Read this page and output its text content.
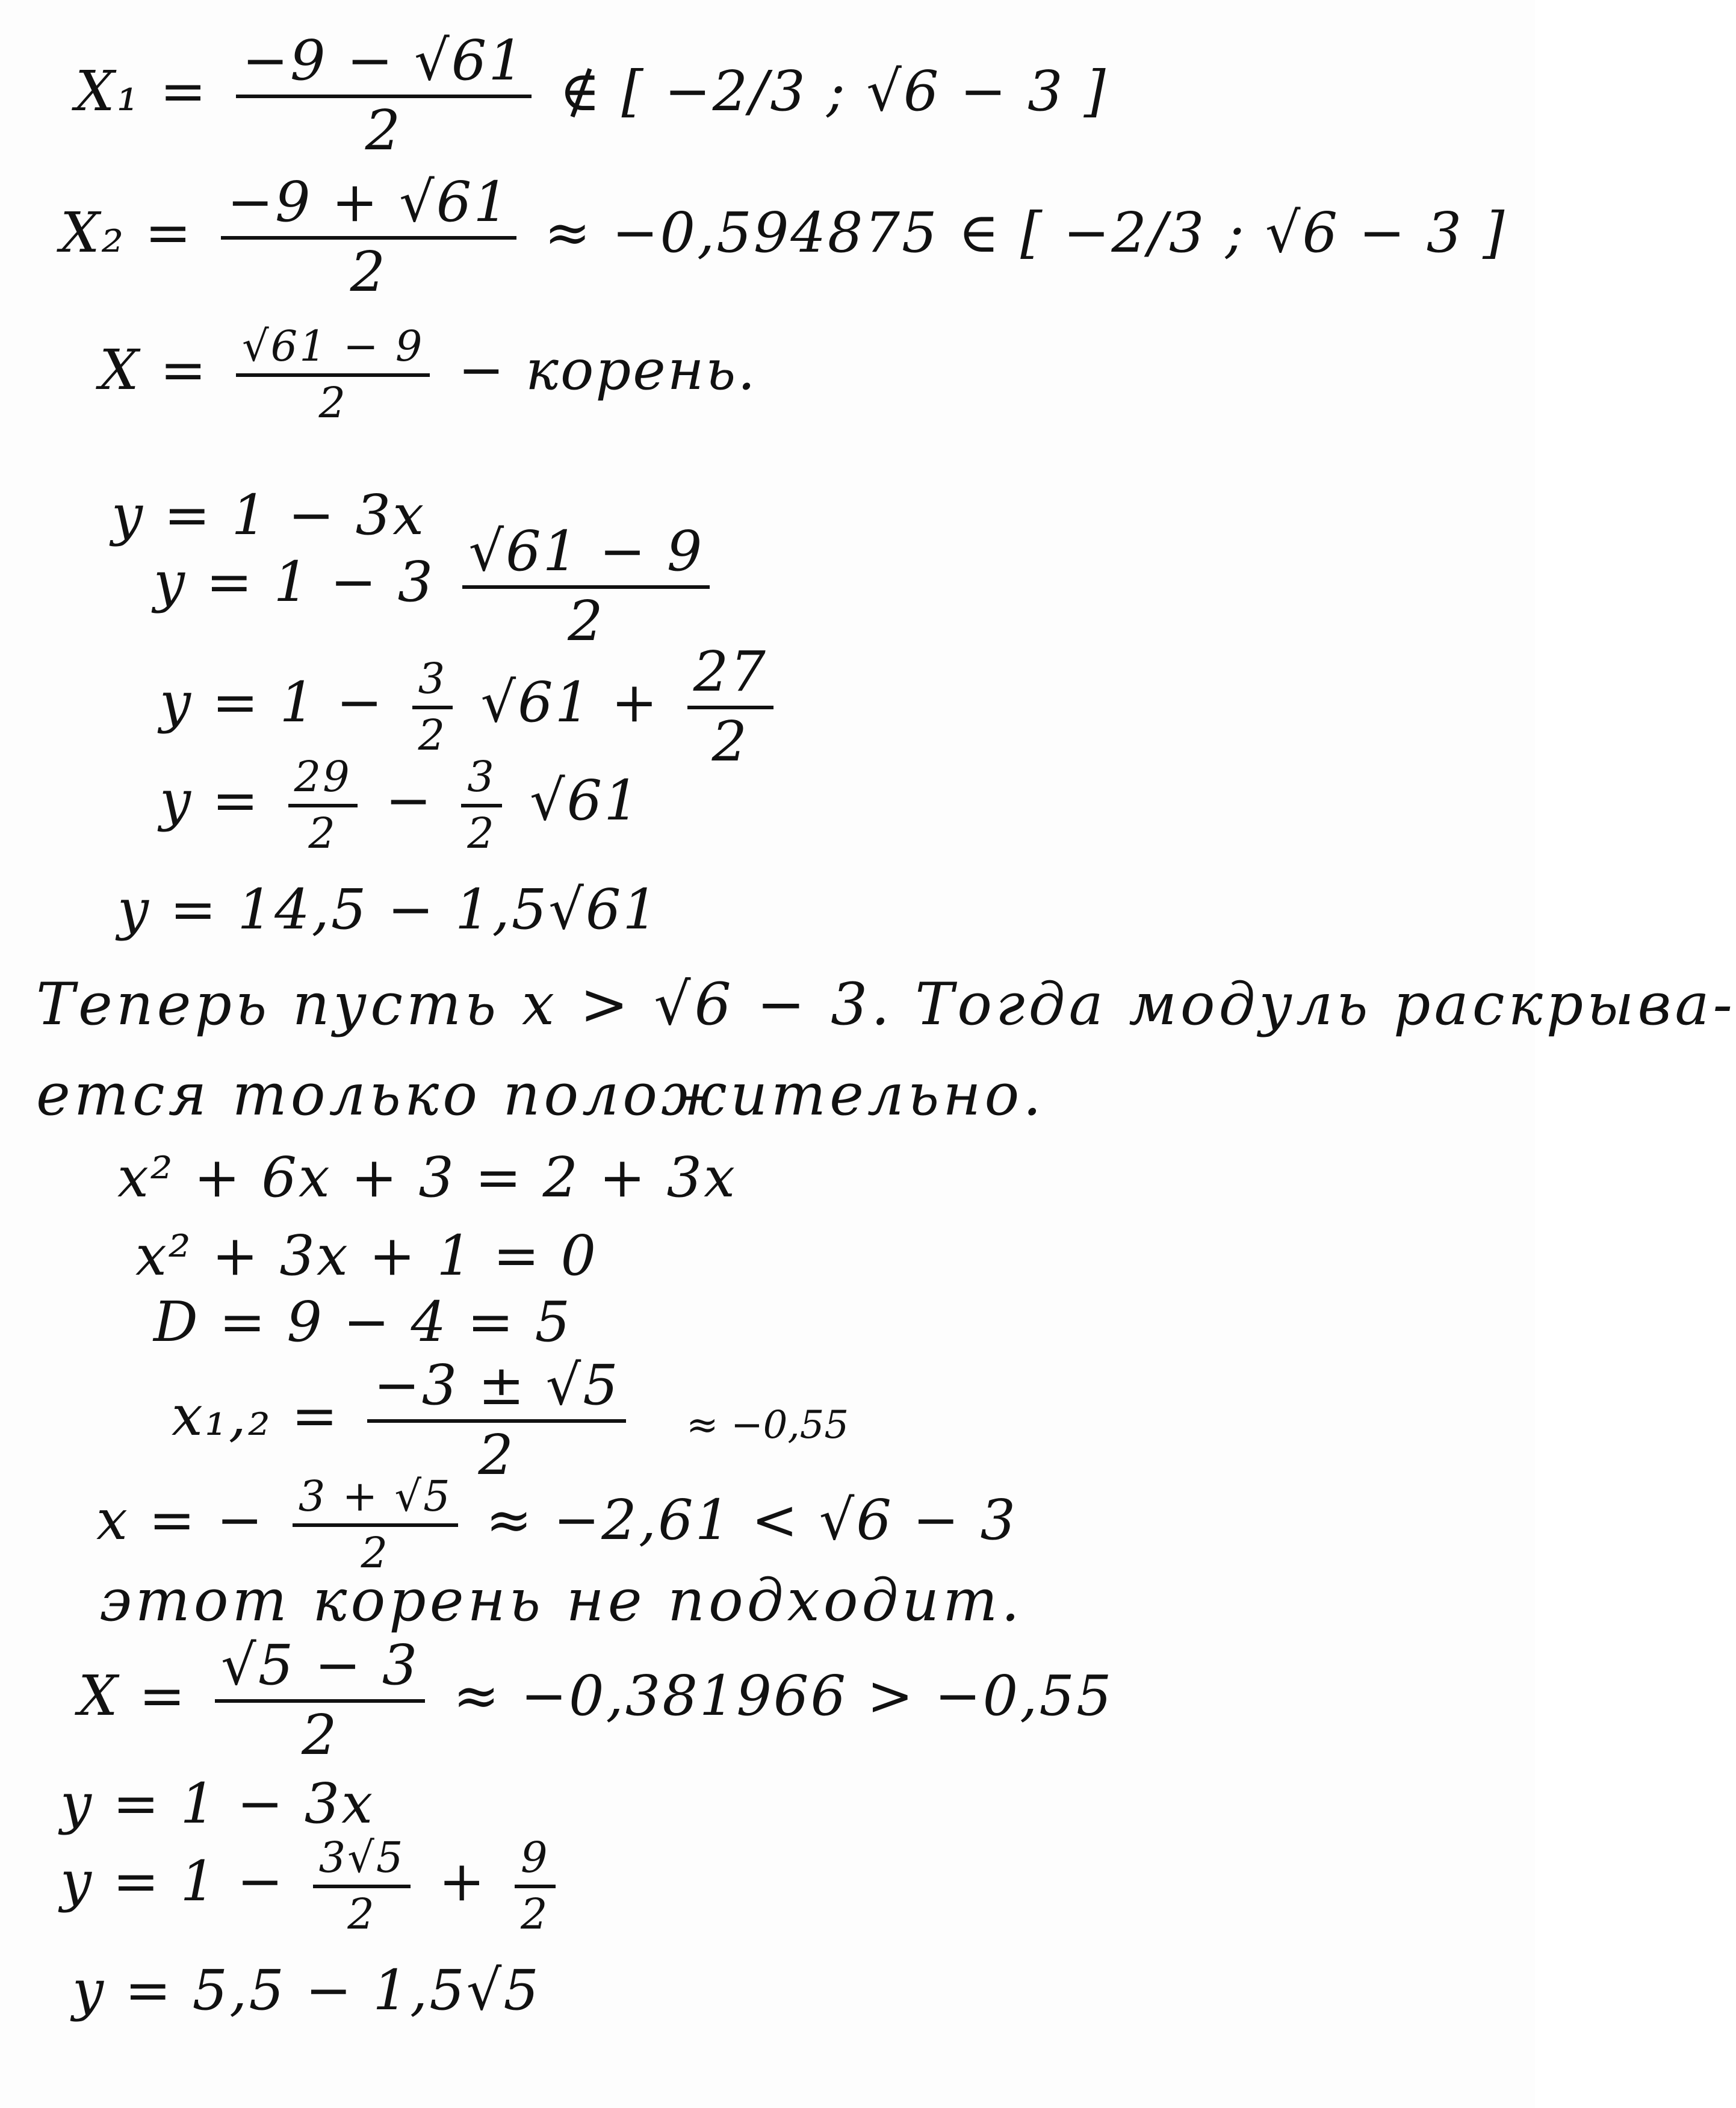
$X_1 = \frac{-9 - √61}{2}$ ∉ [ −2/3 ; √6 − 3 ]
$X_2 = \frac{-9 + √61}{2} \approx -0,594875$ ∈ [ −2/3 ; √6 − 3 ]
$X = \frac{√61 - 9}{2}$ − корень.
y = 1 − 3x
$y = 1 - 3 \frac{√61 - 9}{2}$
$y = 1 - \frac{3}{2} √61 + \frac{27}{2}$
$y = \frac{29}{2} - \frac{3}{2} √61$
y = 14,5 − 1,5√61
Теперь пусть x > √6 − 3. Тогда модуль раскрыва-
ется только положительно.
x² + 6x + 3 = 2 + 3x
x² + 3x + 1 = 0
D = 9 − 4 = 5
$x_1,_2 = \frac{-3 \pm √5}{2} \approx -0,55$
x = − $\frac{3 + √5}{2} \approx -2,61 < √6 - 3$
этот корень не подходит.
$X = \frac{√5 - 3}{2} \approx -0,381966 > -0,55$
y = 1 − 3x
$y = 1 - \frac{3√5}{2} + \frac{9}{2}$
y = 5,5 − 1,5√5
